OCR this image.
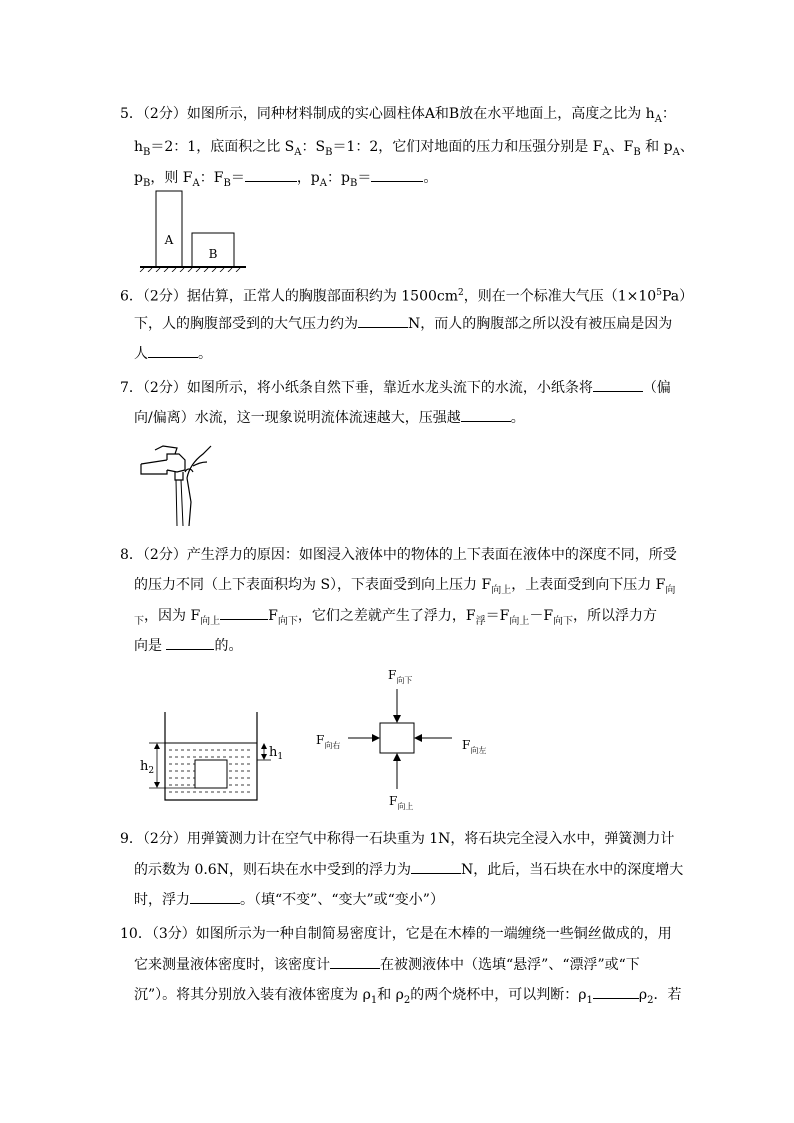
5．（2分）如图所示，同种材料制成的实心圆柱体A和B放在水平地面上，高度之比为 $h_A$：
$h_B=2$：1，底面积之比 $S_A$：$S_B=1$：2，它们对地面的压力和压强分别是 $F_A$、$F_B$ 和 $p_A$、
$p_B$，则 $F_A$：$F_B=$	，$p_A$：$p_B=$	。
A
B
6．（2分）据估算，正常人的胸腹部面积约为 $1500cm^2$，则在一个标准大气压$(1\times 10^5Pa)$
下，人的胸腹部受到的大气压力约为	N，而人的胸腹部之所以没有被压扁是因为
人	。
7．（2分）如图所示，将小纸条自然下垂，靠近水龙头流下的水流，小纸条将	（偏
向/偏离）水流，这一现象说明流体流速越大，压强越	。
8．（2分）产生浮力的原因：如图浸入液体中的物体的上下表面在液体中的深度不同，所受
的压力不同（上下表面积均为 S），下表面受到向上压力 $F_{向上}$，上表面受到向下压力 $F_向$
$_下$，因为 $F_{向上}$	$F_{向下}$，它们之差就产生了浮力，$F_浮=F_{向上}-F_{向下}$，所以浮力方
向是	的。
$h_2$
$h_1$
$F_{向下}$
$F_{向上}$
$F_{向右}$	$F_{向左}$
9．（2分）用弹簧测力计在空气中称得一石块重为 1N，将石块完全浸入水中，弹簧测力计
的示数为 0.6N，则石块在水中受到的浮力为	N，此后，当石块在水中的深度增大
时，浮力	。（填“不变”、“变大”或“变小”）
10．（3分）如图所示为一种自制简易密度计，它是在木棒的一端缠绕一些铜丝做成的，用
它来测量液体密度时，该密度计	在被测液体中（选填“悬浮”、“漂浮”或“下
沉”）。将其分别放入装有液体密度为 $\rho_1$和 $\rho_2$的两个烧杯中，可以判断：$\rho_1$	$\rho_2$．若
